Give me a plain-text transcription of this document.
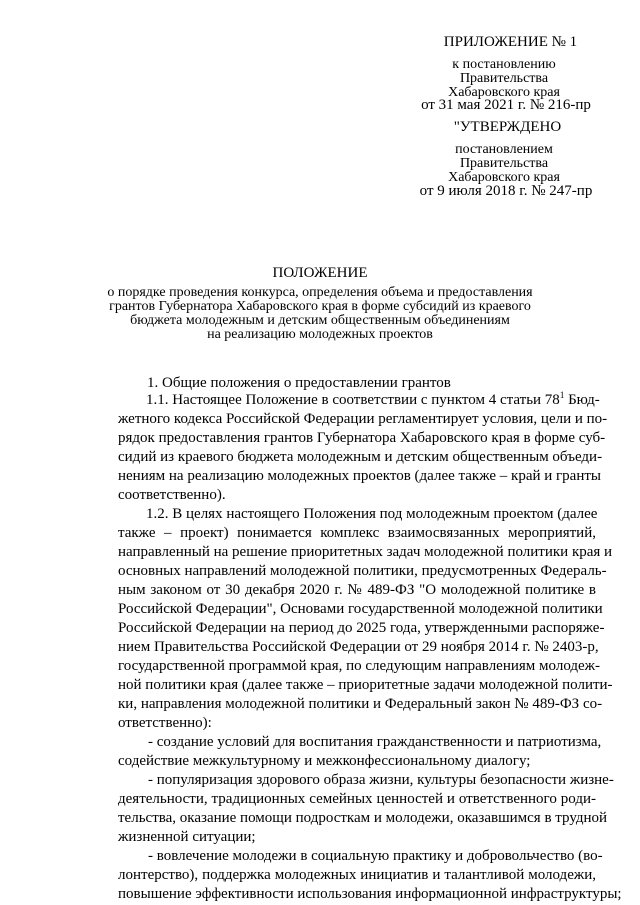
ПРИЛОЖЕНИЕ № 1
к постановлению
Правительства
Хабаровского края
от 31 мая 2021 г. № 216-пр
"УТВЕРЖДЕНО
постановлением
Правительства
Хабаровского края
от 9 июля 2018 г. № 247-пр
ПОЛОЖЕНИЕ
о порядке проведения конкурса, определения объема и предоставления
грантов Губернатора Хабаровского края в форме субсидий из краевого
бюджета молодежным и детским общественным объединениям
на реализацию молодежных проектов
1. Общие положения о предоставлении грантов
1.1. Настоящее Положение в соответствии с пунктом 4 статьи $78^1$ Бюд-
жетного кодекса Российской Федерации регламентирует условия, цели и по-
рядок предоставления грантов Губернатора Хабаровского края в форме суб-
сидий из краевого бюджета молодежным и детским общественным объеди-
нениям на реализацию молодежных проектов (далее также – край и гранты
соответственно).
1.2. В целях настоящего Положения под молодежным проектом (далее
также – проект) понимается комплекс взаимосвязанных мероприятий,
направленный на решение приоритетных задач молодежной политики края и
основных направлений молодежной политики, предусмотренных Федераль-
ным законом от 30 декабря 2020 г. № 489-ФЗ "О молодежной политике в
Российской Федерации", Основами государственной молодежной политики
Российской Федерации на период до 2025 года, утвержденными распоряже-
нием Правительства Российской Федерации от 29 ноября 2014 г. № 2403-р,
государственной программой края, по следующим направлениям молодеж-
ной политики края (далее также – приоритетные задачи молодежной полити-
ки, направления молодежной политики и Федеральный закон № 489-ФЗ со-
ответственно):
- создание условий для воспитания гражданственности и патриотизма,
содействие межкультурному и межконфессиональному диалогу;
- популяризация здорового образа жизни, культуры безопасности жизне-
деятельности, традиционных семейных ценностей и ответственного роди-
тельства, оказание помощи подросткам и молодежи, оказавшимся в трудной
жизненной ситуации;
- вовлечение молодежи в социальную практику и добровольчество (во-
лонтерство), поддержка молодежных инициатив и талантливой молодежи,
повышение эффективности использования информационной инфраструктуры;
